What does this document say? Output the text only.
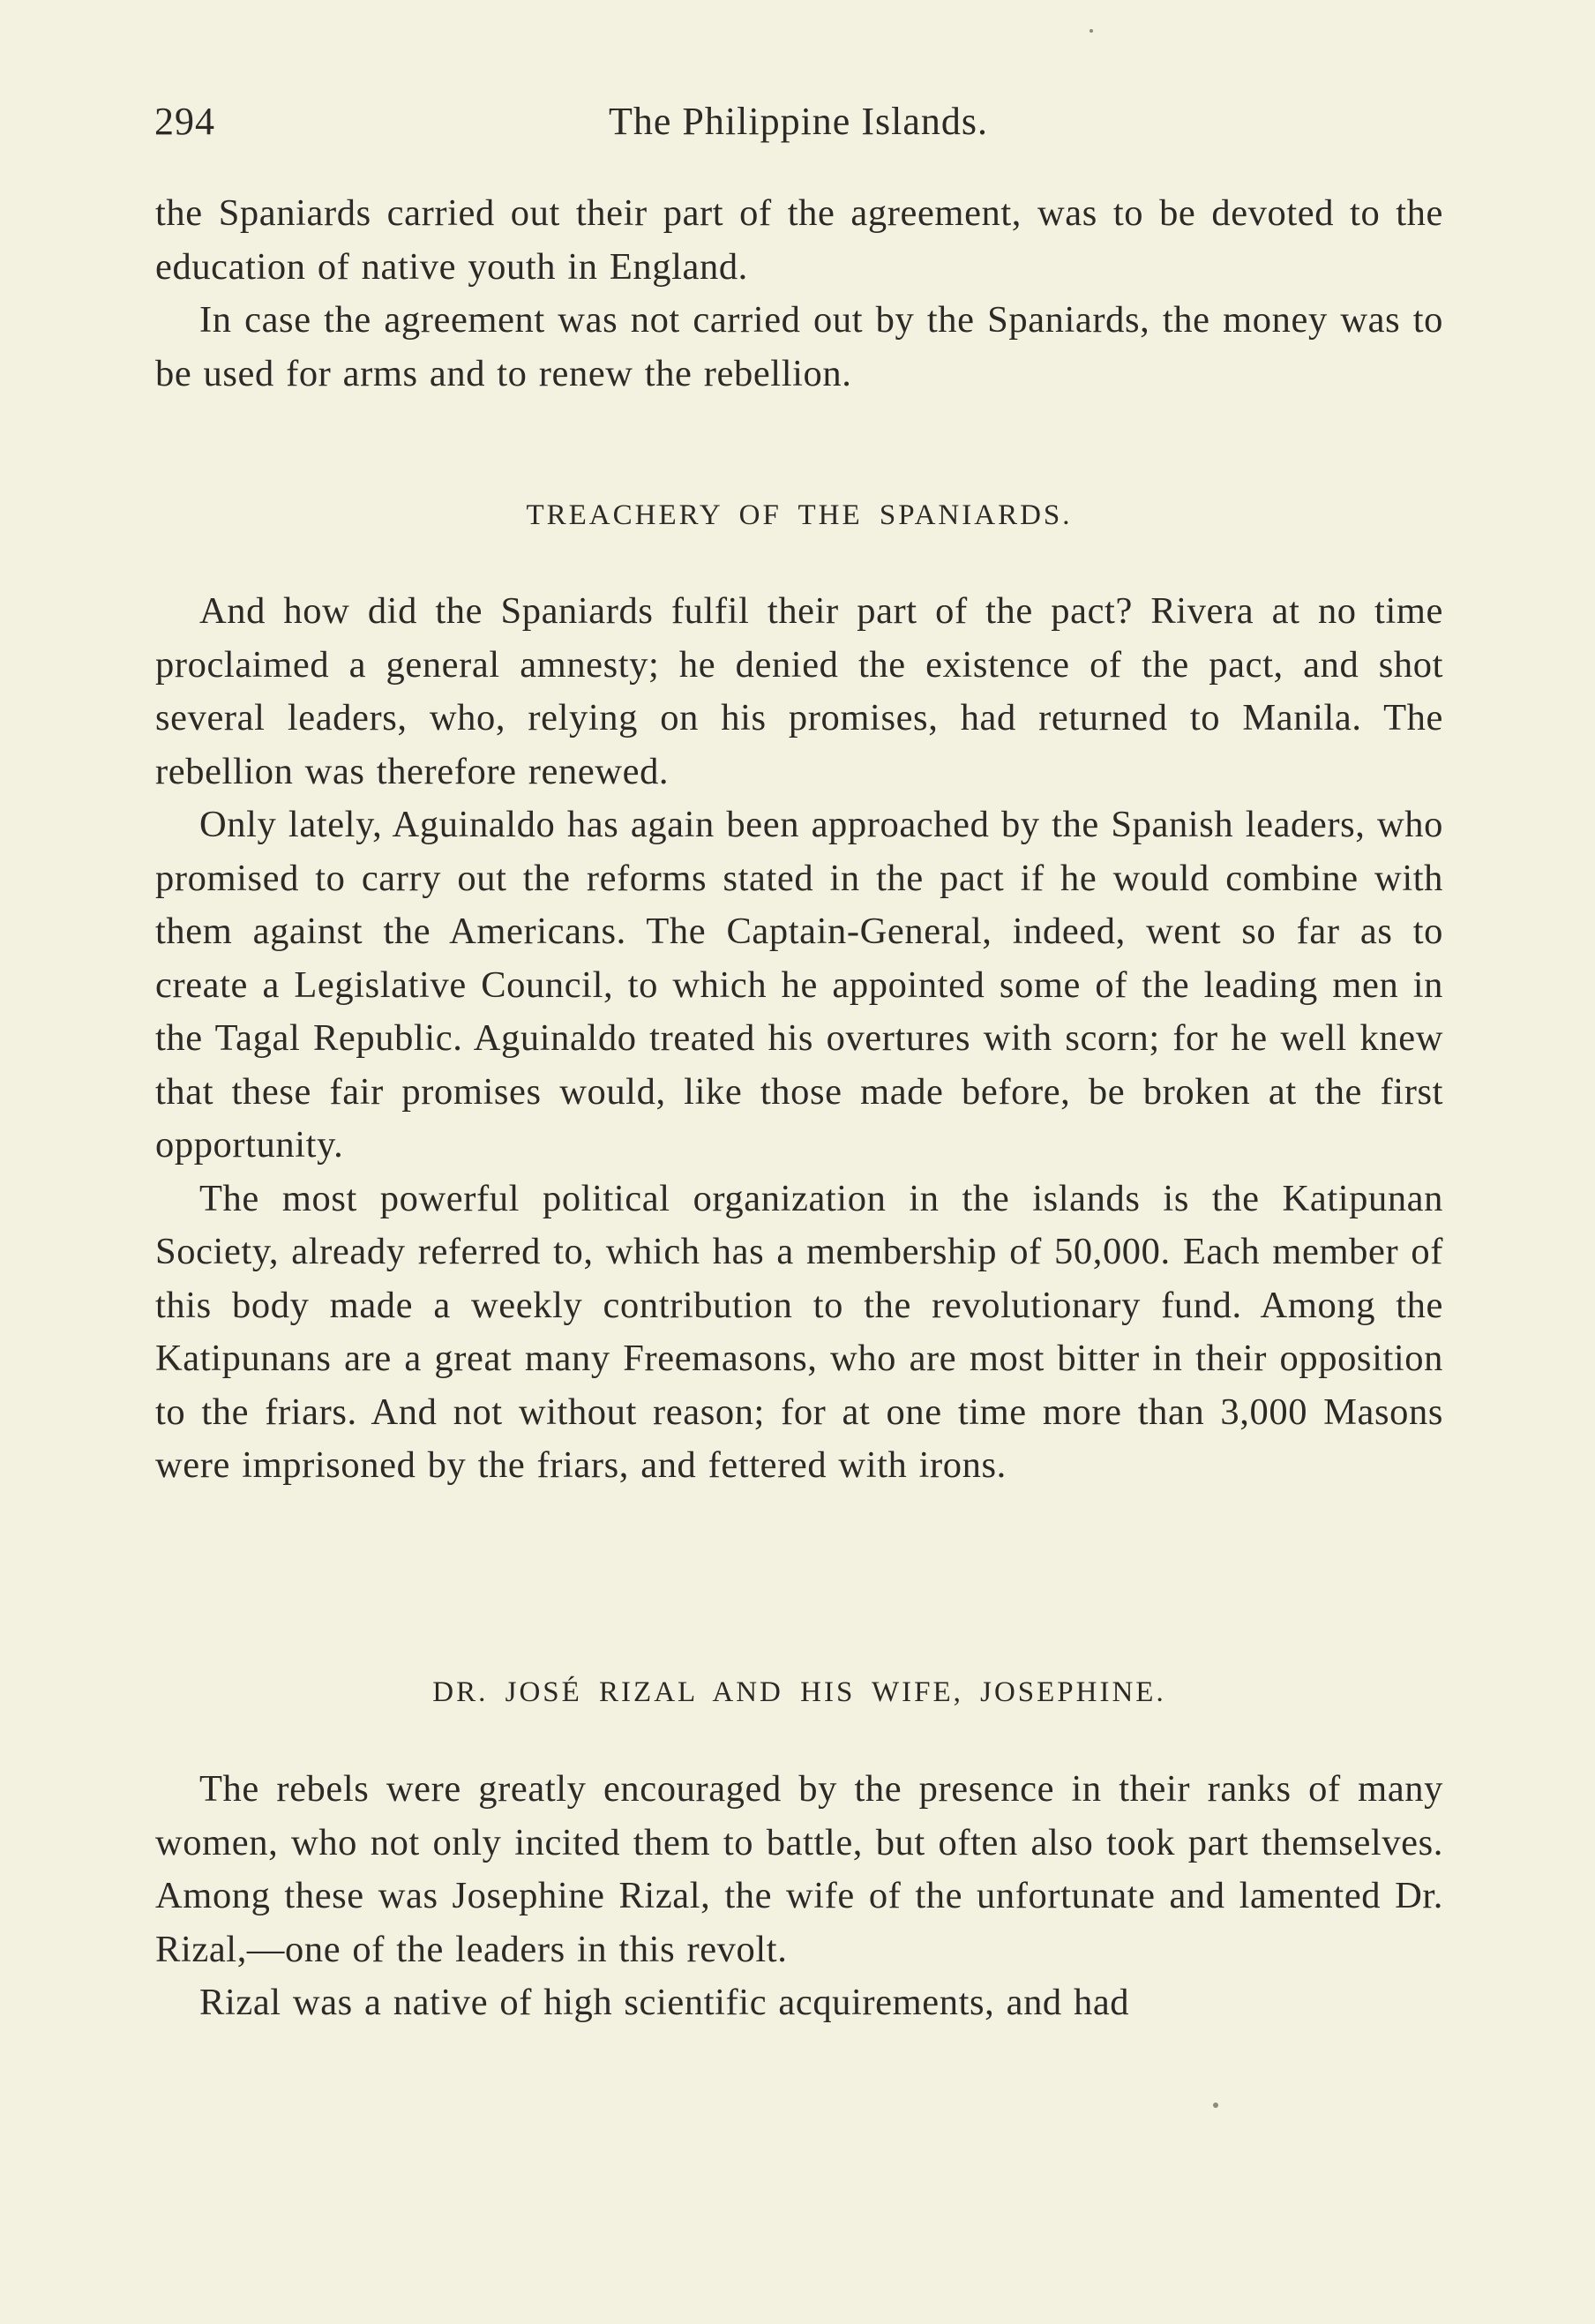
294	The Philippine Islands.

the Spaniards carried out their part of the agreement, was to be devoted to the education of native youth in England.

In case the agreement was not carried out by the Spaniards, the money was to be used for arms and to renew the rebellion.

TREACHERY OF THE SPANIARDS.

And how did the Spaniards fulfil their part of the pact? Rivera at no time proclaimed a general amnesty; he denied the existence of the pact, and shot several leaders, who, relying on his promises, had returned to Manila. The rebellion was therefore renewed.

Only lately, Aguinaldo has again been approached by the Spanish leaders, who promised to carry out the reforms stated in the pact if he would combine with them against the Americans. The Captain-General, indeed, went so far as to create a Legislative Council, to which he appointed some of the leading men in the Tagal Republic. Aguinaldo treated his overtures with scorn; for he well knew that these fair promises would, like those made before, be broken at the first opportunity.

The most powerful political organization in the islands is the Katipunan Society, already referred to, which has a membership of 50,000. Each member of this body made a weekly contribution to the revolutionary fund. Among the Katipunans are a great many Freemasons, who are most bitter in their opposition to the friars. And not without reason; for at one time more than 3,000 Masons were imprisoned by the friars, and fettered with irons.

DR. JOSÉ RIZAL AND HIS WIFE, JOSEPHINE.

The rebels were greatly encouraged by the presence in their ranks of many women, who not only incited them to battle, but often also took part themselves. Among these was Josephine Rizal, the wife of the unfortunate and lamented Dr. Rizal,—one of the leaders in this revolt.

Rizal was a native of high scientific acquirements, and had
